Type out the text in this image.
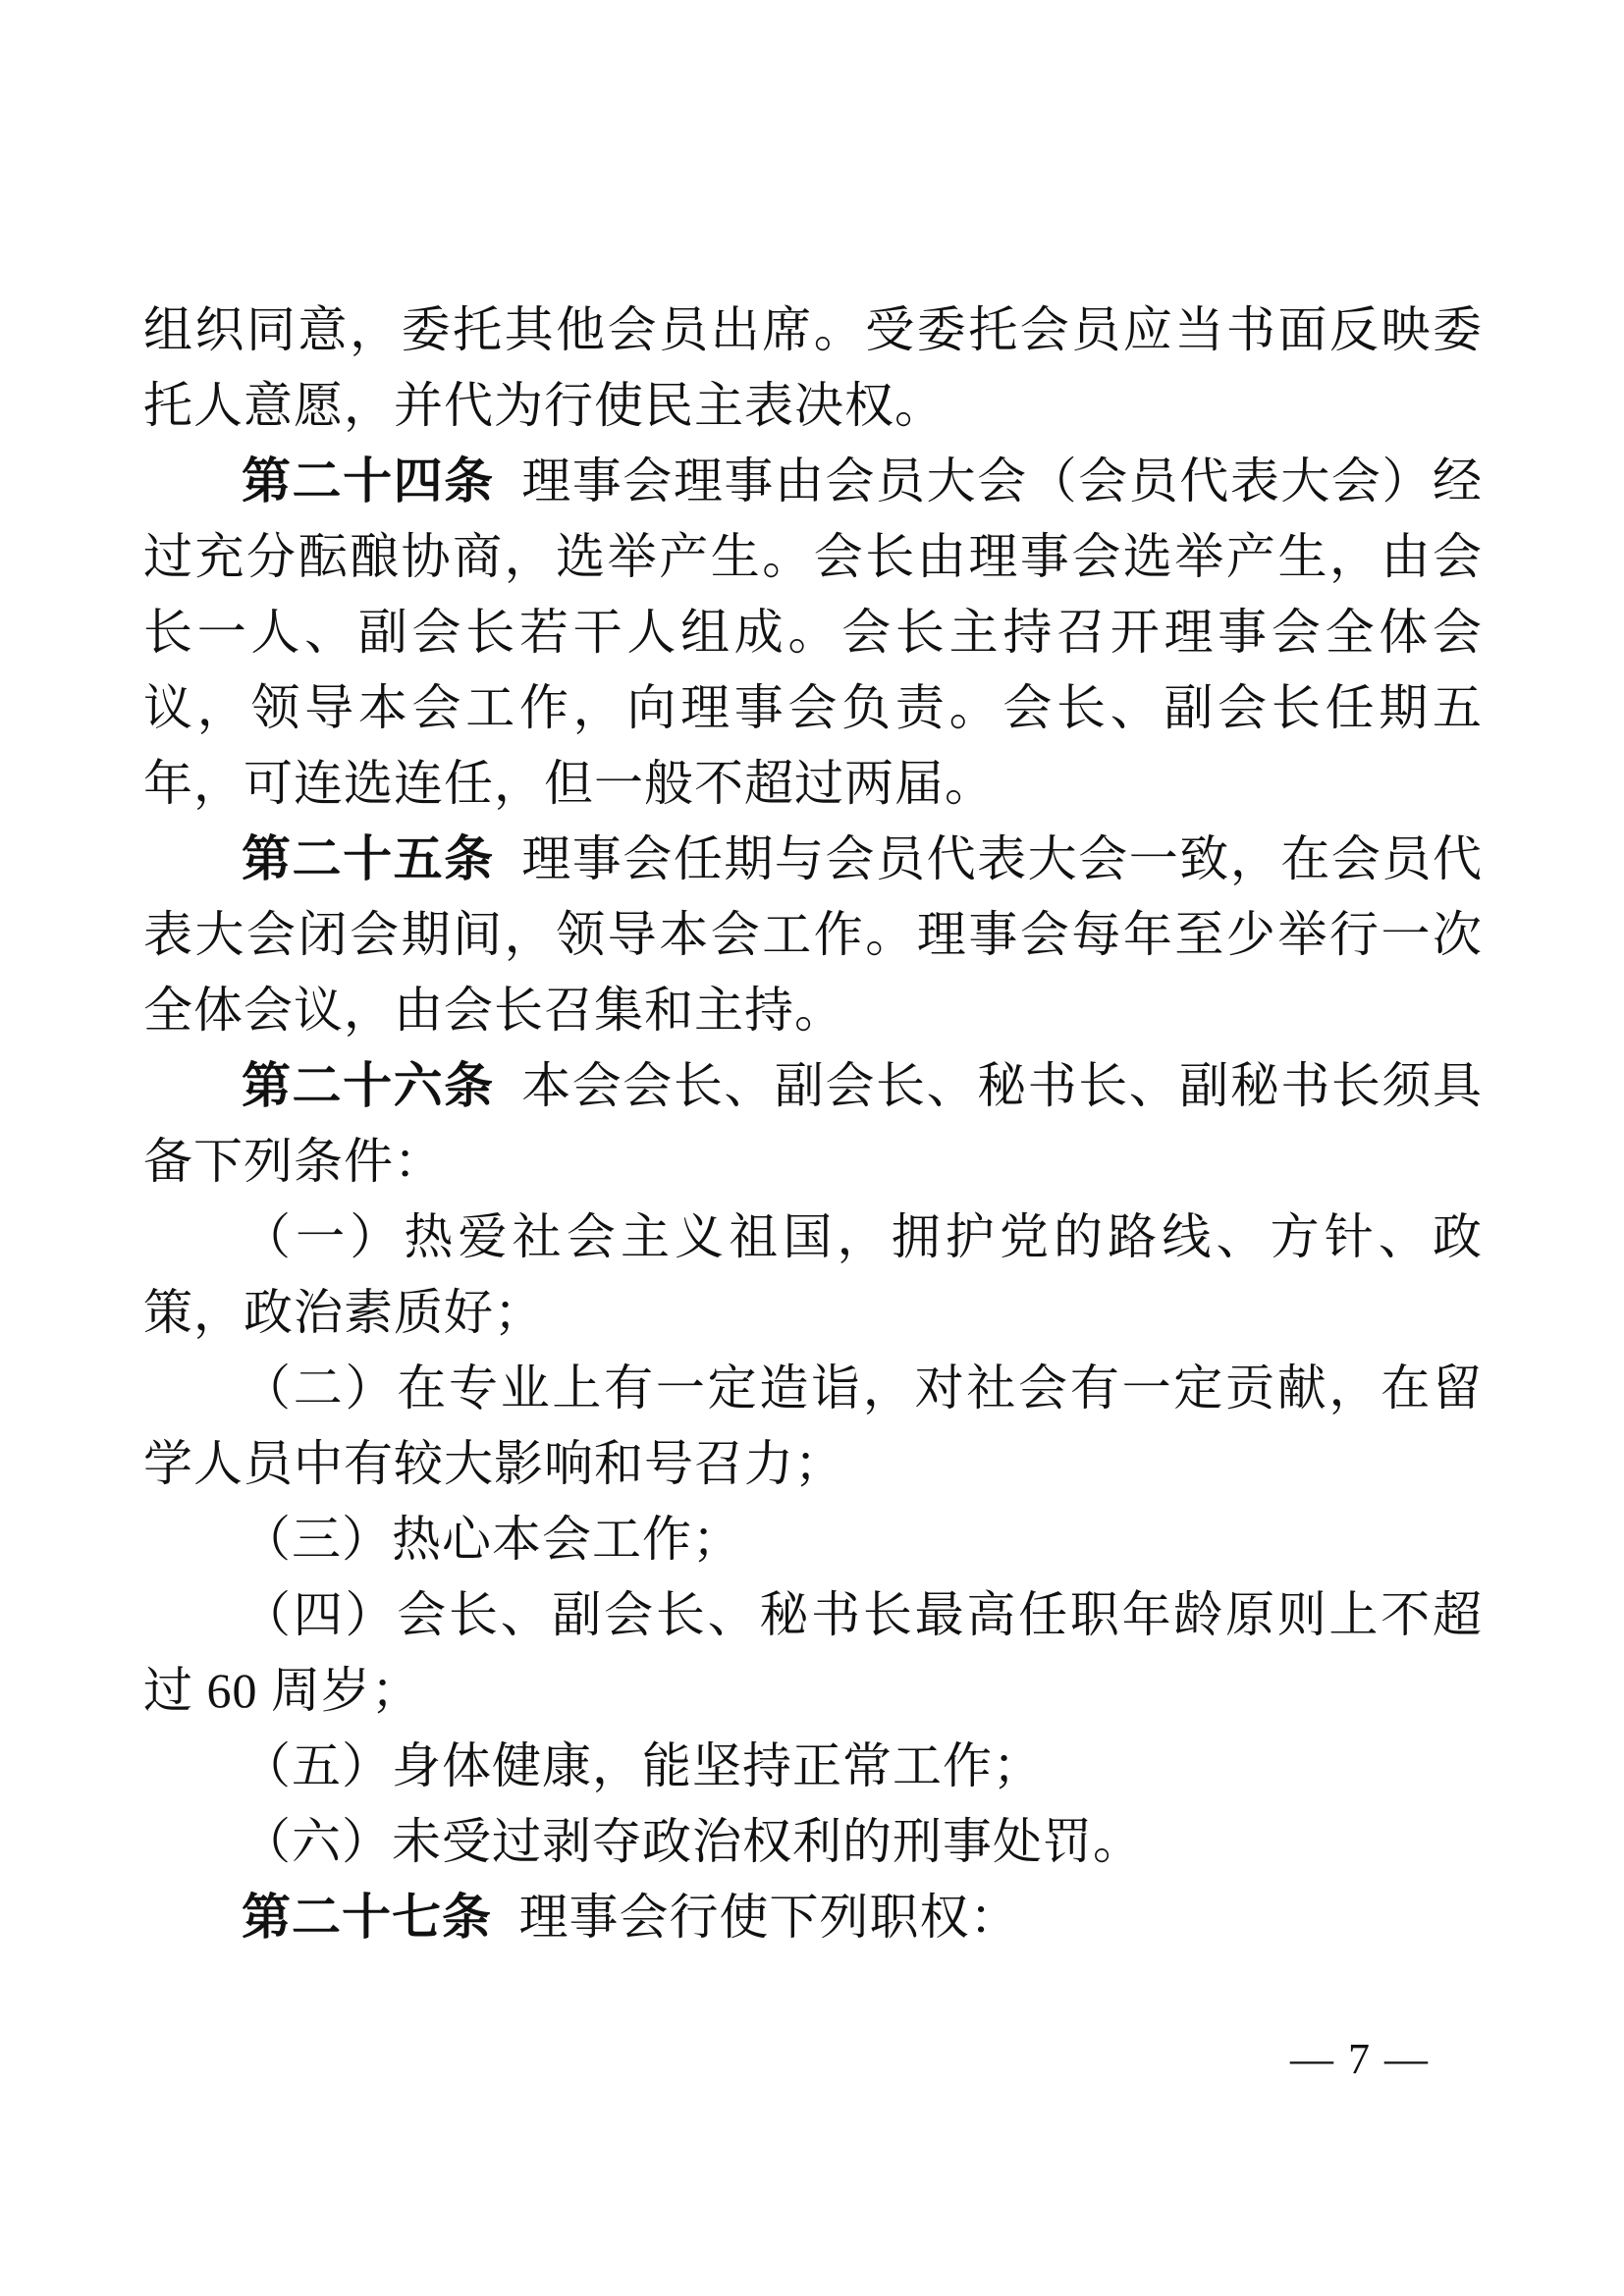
组织同意，委托其他会员出席。受委托会员应当书面反映委托人意愿，并代为行使民主表决权。

第二十四条 理事会理事由会员大会（会员代表大会）经过充分酝酿协商，选举产生。会长由理事会选举产生，由会长一人、副会长若干人组成。会长主持召开理事会全体会议，领导本会工作，向理事会负责。会长、副会长任期五年，可连选连任，但一般不超过两届。

第二十五条 理事会任期与会员代表大会一致，在会员代表大会闭会期间，领导本会工作。理事会每年至少举行一次全体会议，由会长召集和主持。

第二十六条 本会会长、副会长、秘书长、副秘书长须具备下列条件：

（一）热爱社会主义祖国，拥护党的路线、方针、政策，政治素质好；

（二）在专业上有一定造诣，对社会有一定贡献，在留学人员中有较大影响和号召力；

（三）热心本会工作；

（四）会长、副会长、秘书长最高任职年龄原则上不超过 60 周岁；

（五）身体健康，能坚持正常工作；

（六）未受过剥夺政治权利的刑事处罚。

第二十七条 理事会行使下列职权：

— 7 —
